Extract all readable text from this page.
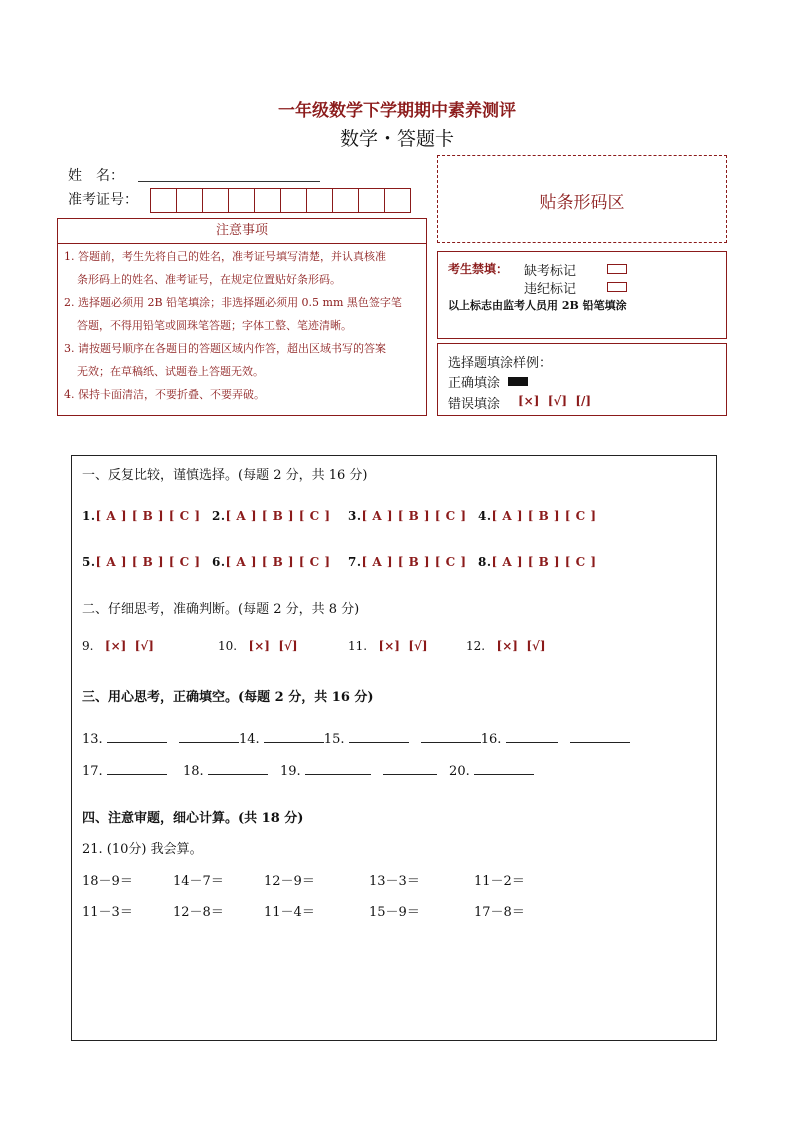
一年级数学下学期期中素养测评
数学・答题卡
姓　名：
准考证号：	贴条形码区
注意事项
1. 答题前，考生先将自己的姓名，准考证号填写清楚，并认真核准
条形码上的姓名、准考证号，在规定位置贴好条形码。
2. 选择题必须用 2B 铅笔填涂；非选择题必须用 0.5 mm 黑色签字笔
答题，不得用铅笔或圆珠笔答题；字体工整、笔迹清晰。
3. 请按题号顺序在各题目的答题区域内作答，超出区域书写的答案
无效；在草稿纸、试题卷上答题无效。
4. 保持卡面清洁，不要折叠、不要弄破。
考生禁填： 缺考标记
违纪标记
以上标志由监考人员用 2B 铅笔填涂
选择题填涂样例：
正确填涂
错误填涂 [×]  [√]  [/]
一、反复比较，谨慎选择。(每题 2 分，共 16 分)
1.[ A ] [ B ] [ C ] 2.[ A ] [ B ] [ C ] 3.[ A ] [ B ] [ C ] 4.[ A ] [ B ] [ C ]
5.[ A ] [ B ] [ C ] 6.[ A ] [ B ] [ C ] 7.[ A ] [ B ] [ C ] 8.[ A ] [ B ] [ C ]
二、仔细思考，准确判断。(每题 2 分，共 8 分)
9. [×]  [√]	10. [×]  [√]	11. [×]  [√]	12. [×]  [√]
三、用心思考，正确填空。(每题 2 分，共 16 分)
13.	14.	15.	16.
17.	18.	19.	20.
四、注意审题，细心计算。(共 18 分)
21. (10分) 我会算。
18－9＝	14－7＝	12－9＝	13－3＝	11－2＝
11－3＝	12－8＝	11－4＝	15－9＝	17－8＝
